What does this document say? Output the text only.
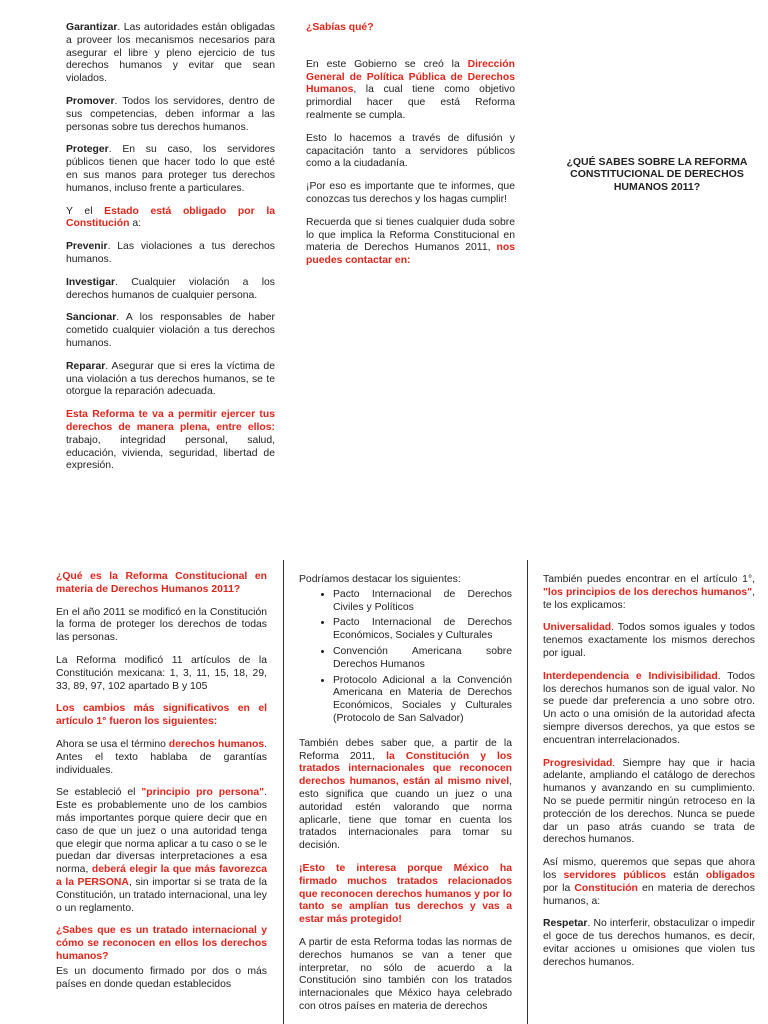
Garantizar. Las autoridades están obligadas a proveer los mecanismos necesarios para asegurar el libre y pleno ejercicio de tus derechos humanos y evitar que sean violados.

Promover. Todos los servidores, dentro de sus competencias, deben informar a las personas sobre tus derechos humanos.

Proteger. En su caso, los servidores públicos tienen que hacer todo lo que esté en sus manos para proteger tus derechos humanos, incluso frente a particulares.

Y el Estado está obligado por la Constitución a:

Prevenir. Las violaciones a tus derechos humanos.

Investigar. Cualquier violación a los derechos humanos de cualquier persona.

Sancionar. A los responsables de haber cometido cualquier violación a tus derechos humanos.

Reparar. Asegurar que si eres la víctima de una violación a tus derechos humanos, se te otorgue la reparación adecuada.

Esta Reforma te va a permitir ejercer tus derechos de manera plena, entre ellos: trabajo, integridad personal, salud, educación, vivienda, seguridad, libertad de expresión.

¿Sabías qué?

En este Gobierno se creó la Dirección General de Política Pública de Derechos Humanos, la cual tiene como objetivo primordial hacer que está Reforma realmente se cumpla.

Esto lo hacemos a través de difusión y capacitación tanto a servidores públicos como a la ciudadanía.

¡Por eso es importante que te informes, que conozcas tus derechos y los hagas cumplir!

Recuerda que si tienes cualquier duda sobre lo que implica la Reforma Constitucional en materia de Derechos Humanos 2011, nos puedes contactar en:

¿QUÉ SABES SOBRE LA REFORMA CONSTITUCIONAL DE DERECHOS HUMANOS 2011?

¿Qué es la Reforma Constitucional en materia de Derechos Humanos 2011?

En el año 2011 se modificó en la Constitución la forma de proteger los derechos de todas las personas.

La Reforma modificó 11 artículos de la Constitución mexicana: 1, 3, 11, 15, 18, 29, 33, 89, 97, 102 apartado B y 105

Los cambios más significativos en el artículo 1° fueron los siguientes:

Ahora se usa el término derechos humanos. Antes el texto hablaba de garantías individuales.

Se estableció el "principio pro persona". Este es probablemente uno de los cambios más importantes porque quiere decir que en caso de que un juez o una autoridad tenga que elegir que norma aplicar a tu caso o se le puedan dar diversas interpretaciones a esa norma, deberá elegir la que más favorezca a la PERSONA, sin importar si se trata de la Constitución, un tratado internacional, una ley o un reglamento.

¿Sabes que es un tratado internacional y cómo se reconocen en ellos los derechos humanos?

Es un documento firmado por dos o más países en donde quedan establecidos

Podríamos destacar los siguientes:

• Pacto Internacional de Derechos Civiles y Políticos
• Pacto Internacional de Derechos Económicos, Sociales y Culturales
• Convención Americana sobre Derechos Humanos
• Protocolo Adicional a la Convención Americana en Materia de Derechos Económicos, Sociales y Culturales (Protocolo de San Salvador)

También debes saber que, a partir de la Reforma 2011, la Constitución y los tratados internacionales que reconocen derechos humanos, están al mismo nivel, esto significa que cuando un juez o una autoridad estén valorando que norma aplicarle, tiene que tomar en cuenta los tratados internacionales para tomar su decisión.

¡Esto te interesa porque México ha firmado muchos tratados relacionados que reconocen derechos humanos y por lo tanto se amplían tus derechos y vas a estar más protegido!

A partir de esta Reforma todas las normas de derechos humanos se van a tener que interpretar, no sólo de acuerdo a la Constitución sino también con los tratados internacionales que México haya celebrado con otros países en materia de derechos

También puedes encontrar en el artículo 1°, "los principios de los derechos humanos", te los explicamos:

Universalidad. Todos somos iguales y todos tenemos exactamente los mismos derechos por igual.

Interdependencia e Indivisibilidad. Todos los derechos humanos son de igual valor. No se puede dar preferencia a uno sobre otro. Un acto o una omisión de la autoridad afecta siempre diversos derechos, ya que estos se encuentran interrelacionados.

Progresividad. Siempre hay que ir hacia adelante, ampliando el catálogo de derechos humanos y avanzando en su cumplimiento. No se puede permitir ningún retroceso en la protección de los derechos. Nunca se puede dar un paso atrás cuando se trata de derechos humanos.

Así mismo, queremos que sepas que ahora los servidores públicos están obligados por la Constitución en materia de derechos humanos, a:

Respetar. No interferir, obstaculizar o impedir el goce de tus derechos humanos, es decir, evitar acciones u omisiones que violen tus derechos humanos.
